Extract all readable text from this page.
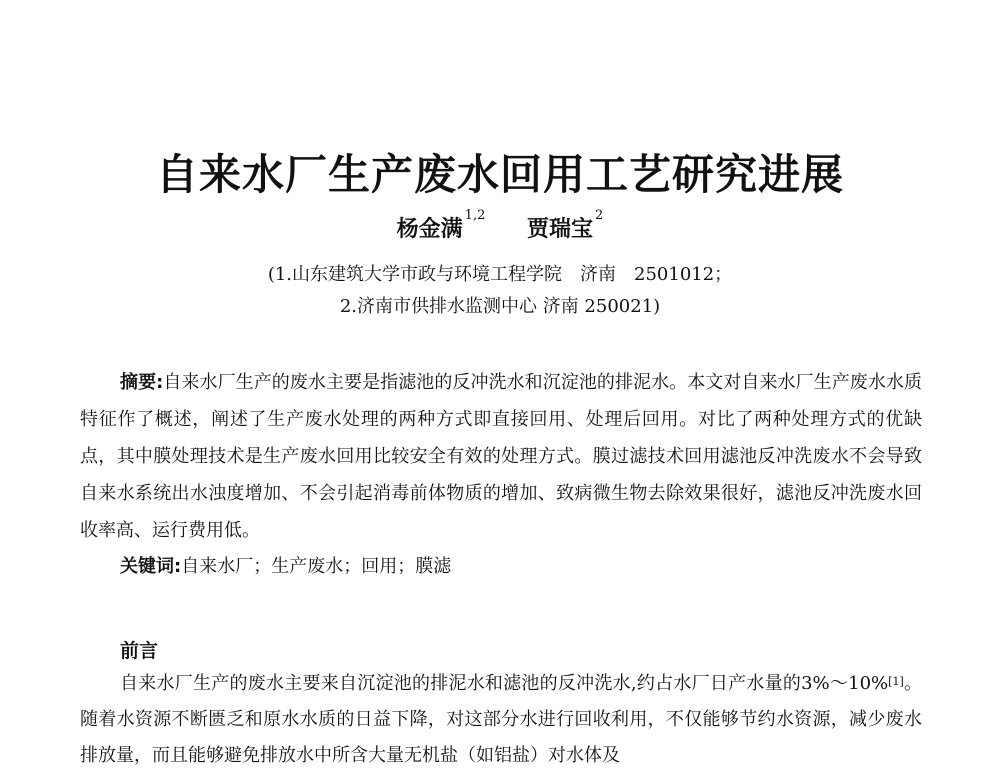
自来水厂生产废水回用工艺研究进展
杨金满$^{1,2}$ 贾瑞宝$^2$
(1.山东建筑大学市政与环境工程学院　济南　2501012；
2.济南市供排水监测中心 济南 250021)
摘要:自来水厂生产的废水主要是指滤池的反冲洗水和沉淀池的排泥水。本文对自来水厂生产废水水质特征作了概述，阐述了生产废水处理的两种方式即直接回用、处理后回用。对比了两种处理方式的优缺点，其中膜处理技术是生产废水回用比较安全有效的处理方式。膜过滤技术回用滤池反冲洗废水不会导致自来水系统出水浊度增加、不会引起消毒前体物质的增加、致病微生物去除效果很好，滤池反冲洗废水回收率高、运行费用低。
关键词:自来水厂；生产废水；回用；膜滤
前言
自来水厂生产的废水主要来自沉淀池的排泥水和滤池的反冲洗水,约占水厂日产水量的3%～10%[1]。随着水资源不断匮乏和原水水质的日益下降，对这部分水进行回收利用，不仅能够节约水资源，减少废水排放量，而且能够避免排放水中所含大量无机盐（如铝盐）对水体及
